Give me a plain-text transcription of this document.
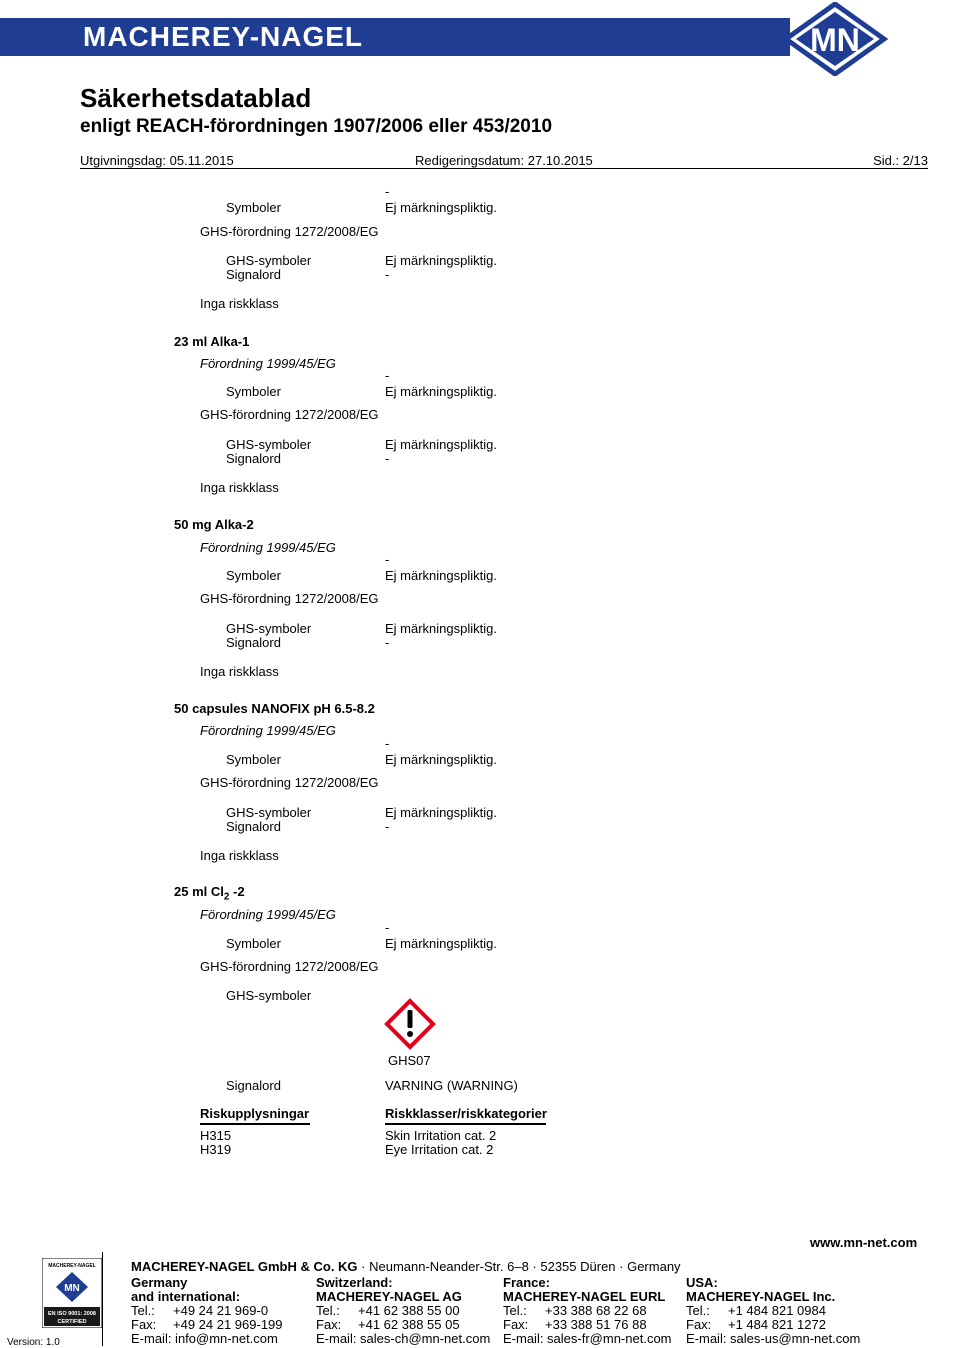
MACHEREY-NAGEL	MN
Säkerhetsdatablad
enligt REACH-förordningen 1907/2006 eller 453/2010
Utgivningsdag: 05.11.2015	Redigeringsdatum: 27.10.2015	Sid.: 2/13
-
Symboler	Ej märkningspliktig.
GHS-förordning 1272/2008/EG
GHS-symboler	Ej märkningspliktig.
Signalord	-
Inga riskklass
23 ml Alka-1
Förordning 1999/45/EG
-
Symboler	Ej märkningspliktig.
GHS-förordning 1272/2008/EG
GHS-symboler	Ej märkningspliktig.
Signalord	-
Inga riskklass
50 mg Alka-2
Förordning 1999/45/EG
-
Symboler	Ej märkningspliktig.
GHS-förordning 1272/2008/EG
GHS-symboler	Ej märkningspliktig.
Signalord	-
Inga riskklass
50 capsules NANOFIX pH 6.5-8.2
Förordning 1999/45/EG
-
Symboler	Ej märkningspliktig.
GHS-förordning 1272/2008/EG
GHS-symboler	Ej märkningspliktig.
Signalord	-
Inga riskklass
25 ml $Cl_2$ -2
Förordning 1999/45/EG
-
Symboler	Ej märkningspliktig.
GHS-förordning 1272/2008/EG
GHS-symboler
GHS07
Signalord	VARNING (WARNING)
Riskupplysningar	Riskklasser/riskkategorier
H315	Skin Irritation cat. 2
H319	Eye Irritation cat. 2
MACHEREY-NAGEL
MN
EN ISO 9001: 2008
CERTIFIED
Version: 1.0
www.mn-net.com
MACHEREY-NAGEL GmbH & Co. KG · Neumann-Neander-Str. 6–8 · 52355 Düren · Germany
Germany
and international:
Tel.: +49 24 21 969-0
Fax: +49 24 21 969-199
E-mail: info@mn-net.com
Switzerland:
MACHEREY-NAGEL AG
Tel.: +41 62 388 55 00
Fax: +41 62 388 55 05
E-mail: sales-ch@mn-net.com
France:
MACHEREY-NAGEL EURL
Tel.: +33 388 68 22 68
Fax: +33 388 51 76 88
E-mail: sales-fr@mn-net.com
USA:
MACHEREY-NAGEL Inc.
Tel.: +1 484 821 0984
Fax: +1 484 821 1272
E-mail: sales-us@mn-net.com
